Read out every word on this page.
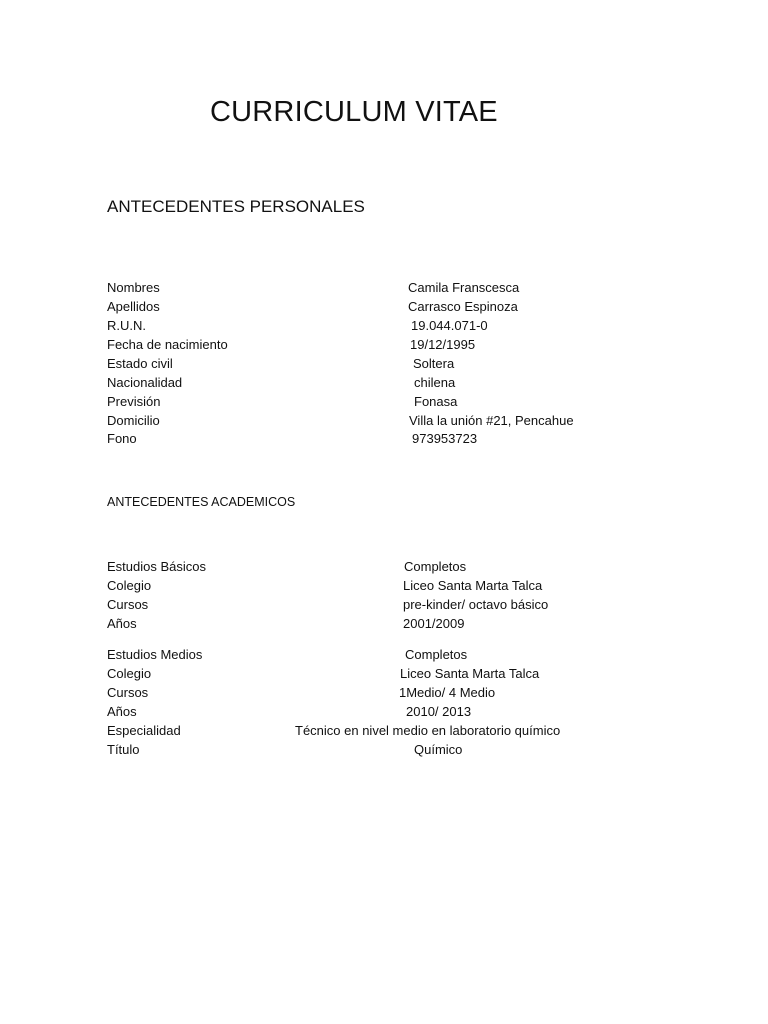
CURRICULUM VITAE
ANTECEDENTES PERSONALES
Nombres	Camila Franscesca
Apellidos	Carrasco Espinoza
R.U.N.	19.044.071-0
Fecha de nacimiento	19/12/1995
Estado civil	Soltera
Nacionalidad	chilena
Previsión	Fonasa
Domicilio	Villa la unión #21, Pencahue
Fono	973953723
ANTECEDENTES ACADEMICOS
Estudios Básicos	Completos
Colegio	Liceo Santa Marta Talca
Cursos	pre-kinder/ octavo básico
Años	2001/2009
Estudios Medios	Completos
Colegio	Liceo Santa Marta Talca
Cursos	1Medio/ 4 Medio
Años	2010/ 2013
Especialidad	Técnico en nivel medio en laboratorio químico
Título	Químico
